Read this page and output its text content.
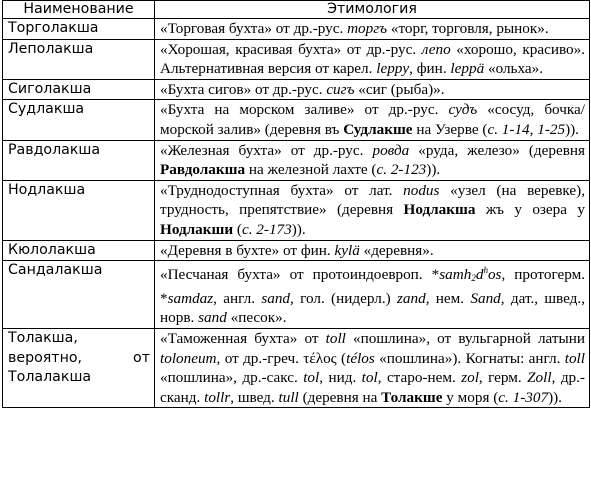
Наименование	Этимология
Торголакша	«Торговая бухта» от др.-рус. торгъ «торг, торговля, рынок».
Леполакша	«Хорошая, красивая бухта» от др.-рус. лепо «хорошо, красиво». Альтернативная версия от карел. leppy, фин. leppä «ольха».
Сиголакша	«Бухта сигов» от др.-рус. сигъ «сиг (рыба)».
Судлакша	«Бухта на морском заливе» от др.-рус. судъ «сосуд, бочка/морской залив» (деревня въ Судлакше на Узерве (с. 1-14, 1-25)).
Равдолакша	«Железная бухта» от др.-рус. ровда «руда, железо» (деревня Равдолакша на железной лахте (с. 2-123)).
Нодлакша	«Труднодоступная бухта» от лат. nodus «узел (на веревке), трудность, препятствие» (деревня Нодлакша жъ у озера у Нодлакши (с. 2-173)).
Кюлолакша	«Деревня в бухте» от фин. kylä «деревня».
Сандалакша	«Песчаная бухта» от протоиндоевроп. $*samh_2d^hos$, протогерм. *samdaz, англ. sand, гол. (нидерл.) zand, нем. Sand, дат., швед., норв. sand «песок».
Толакша, вероятно, от Толалакша	«Таможенная бухта» от toll «пошлина», от вульгарной латыни toloneum, от др.-греч. τέλος (télos «пошлина»). Когнаты: англ. toll «пошлина», др.-сакс. tol, нид. tol, старо-нем. zol, герм. Zoll, др.-сканд. tollr, швед. tull (деревня на Толакше у моря (с. 1-307)).
